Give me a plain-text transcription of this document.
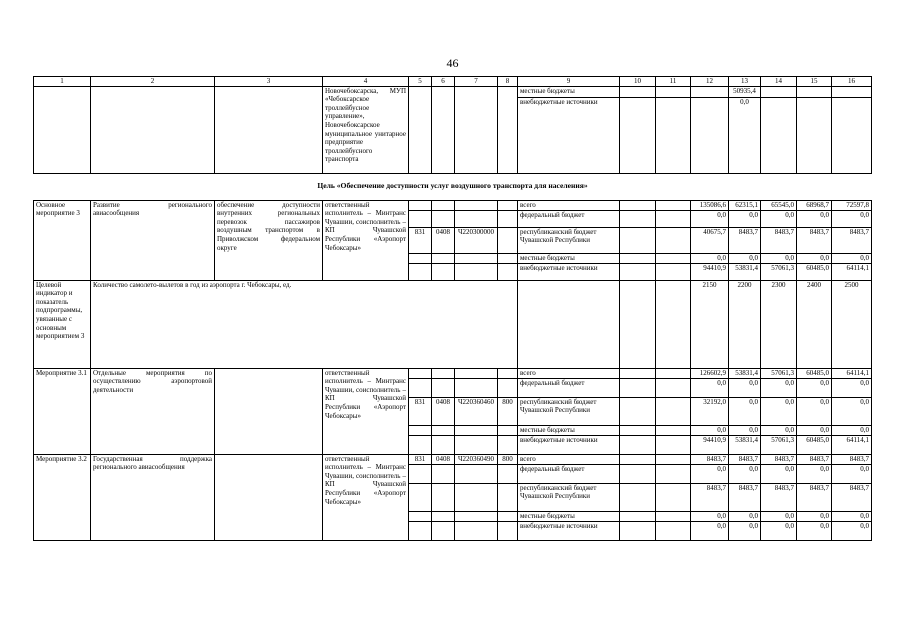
46
1	2	3	4	5	6	7	8	9	10	11	12	13	14	15	16
			Новочебоксарска, МУП «Чебоксарское троллейбусное управление», Новочебоксарское муниципальное унитарное предприятие троллейбусного транспорта					местные бюджеты				50935,4			
								внебюджетные источники				0,0			
Цель «Обеспечение доступности услуг воздушного транспорта для населения»															
Основное мероприятие 3	Развитие регионального авиасообщения	обеспечение доступности внутренних региональных перевозок пассажиров воздушным транспортом в Приволжском федеральном округе	ответственный исполнитель – Минтранс Чувашии, соисполнитель – КП Чувашской Республики «Аэропорт Чебоксары»					всего			135086,6	62315,1	65545,0	68968,7	72597,8
								федеральный бюджет			0,0	0,0	0,0	0,0	0,0
				831	0408	Ч220300000		республиканский бюджет Чувашской Республики			40675,7	8483,7	8483,7	8483,7	8483,7
								местные бюджеты			0,0	0,0	0,0	0,0	0,0
								внебюджетные источники			94410,9	53831,4	57061,3	60485,0	64114,1
Целевой индикатор и показатель подпрограммы, увязанные с основным мероприятием 3	Количество самолето-вылетов в год из аэропорта г. Чебоксары, ед.										2150	2200	2300	2400	2500
Мероприятие 3.1	Отдельные мероприятия по осуществлению аэропортовой деятельности		ответственный исполнитель – Минтранс Чувашии, соисполнитель – КП Чувашской Республики «Аэропорт Чебоксары»					всего			126602,9	53831,4	57061,3	60485,0	64114,1
								федеральный бюджет			0,0	0,0	0,0	0,0	0,0
				831	0408	Ч220360460	800	республиканский бюджет Чувашской Республики			32192,0	0,0	0,0	0,0	0,0
								местные бюджеты			0,0	0,0	0,0	0,0	0,0
								внебюджетные источники			94410,9	53831,4	57061,3	60485,0	64114,1
Мероприятие 3.2	Государственная поддержка регионального авиасообщения		ответственный исполнитель – Минтранс Чувашии, соисполнитель – КП Чувашской Республики «Аэропорт Чебоксары»	831	0408	Ч220360490	800	всего			8483,7	8483,7	8483,7	8483,7	8483,7
								федеральный бюджет			0,0	0,0	0,0	0,0	0,0
								республиканский бюджет Чувашской Республики			8483,7	8483,7	8483,7	8483,7	8483,7
								местные бюджеты			0,0	0,0	0,0	0,0	0,0
								внебюджетные источники			0,0	0,0	0,0	0,0	0,0
